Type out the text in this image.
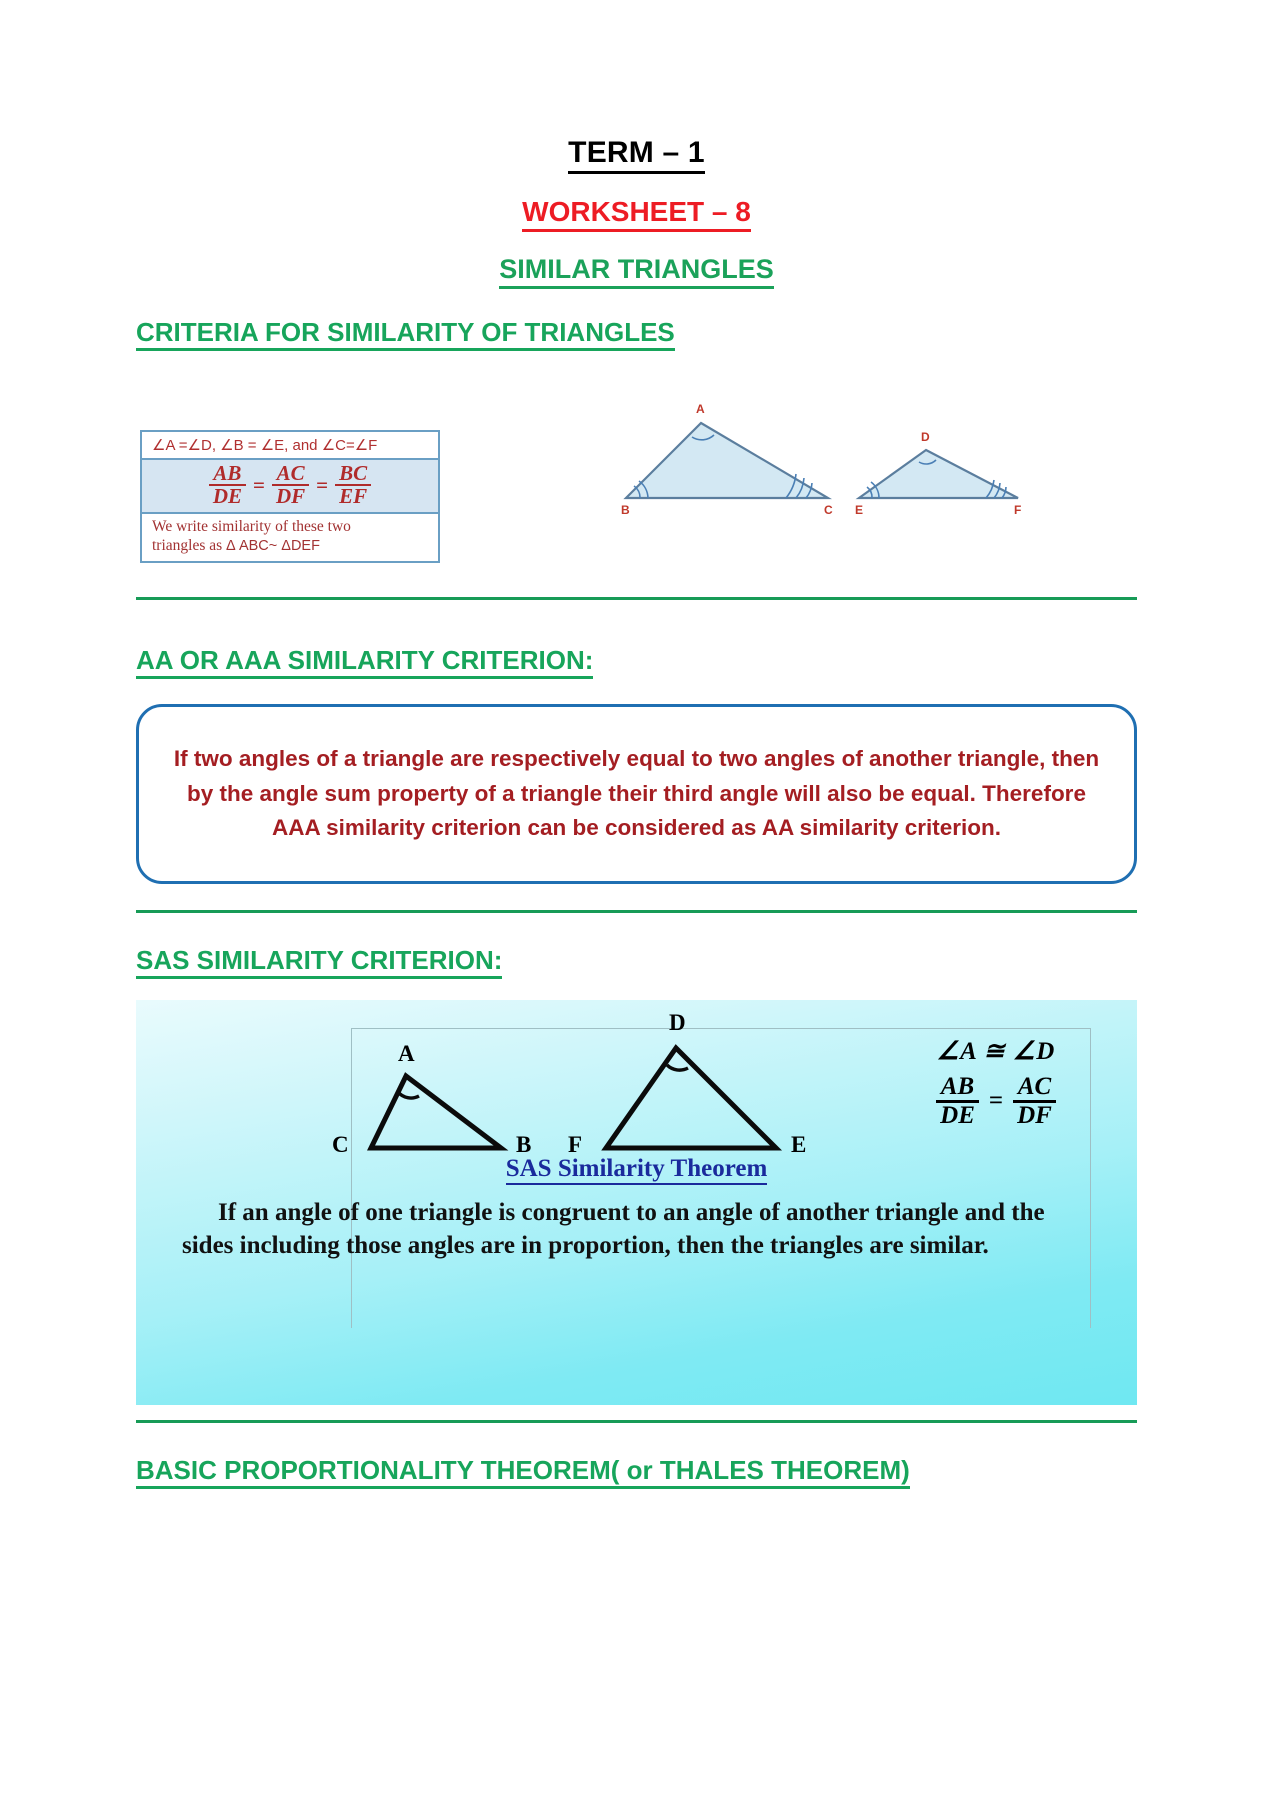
TERM – 1
WORKSHEET – 8
SIMILAR TRIANGLES
CRITERIA FOR SIMILARITY OF TRIANGLES
∠A =∠D, ∠B = ∠E, and ∠C=∠F
$\frac{AB}{DE} = \frac{AC}{DF} = \frac{BC}{EF}$
We write similarity of these two
triangles as Δ ABC~ ΔDEF
A
B	C
D
E	F
AA OR AAA SIMILARITY CRITERION:
If two angles of a triangle are respectively equal to two angles of another triangle, then by the angle sum property of a triangle their third angle will also be equal. Therefore AAA similarity criterion can be considered as AA similarity criterion.
SAS SIMILARITY CRITERION:
A
C	B
D
F	E
∠A ≅ ∠D
$\frac{AB}{DE} = \frac{AC}{DF}$
SAS Similarity Theorem
If an angle of one triangle is congruent to an angle of another triangle and the sides including those angles are in proportion, then the triangles are similar.
BASIC PROPORTIONALITY THEOREM( or THALES THEOREM)
